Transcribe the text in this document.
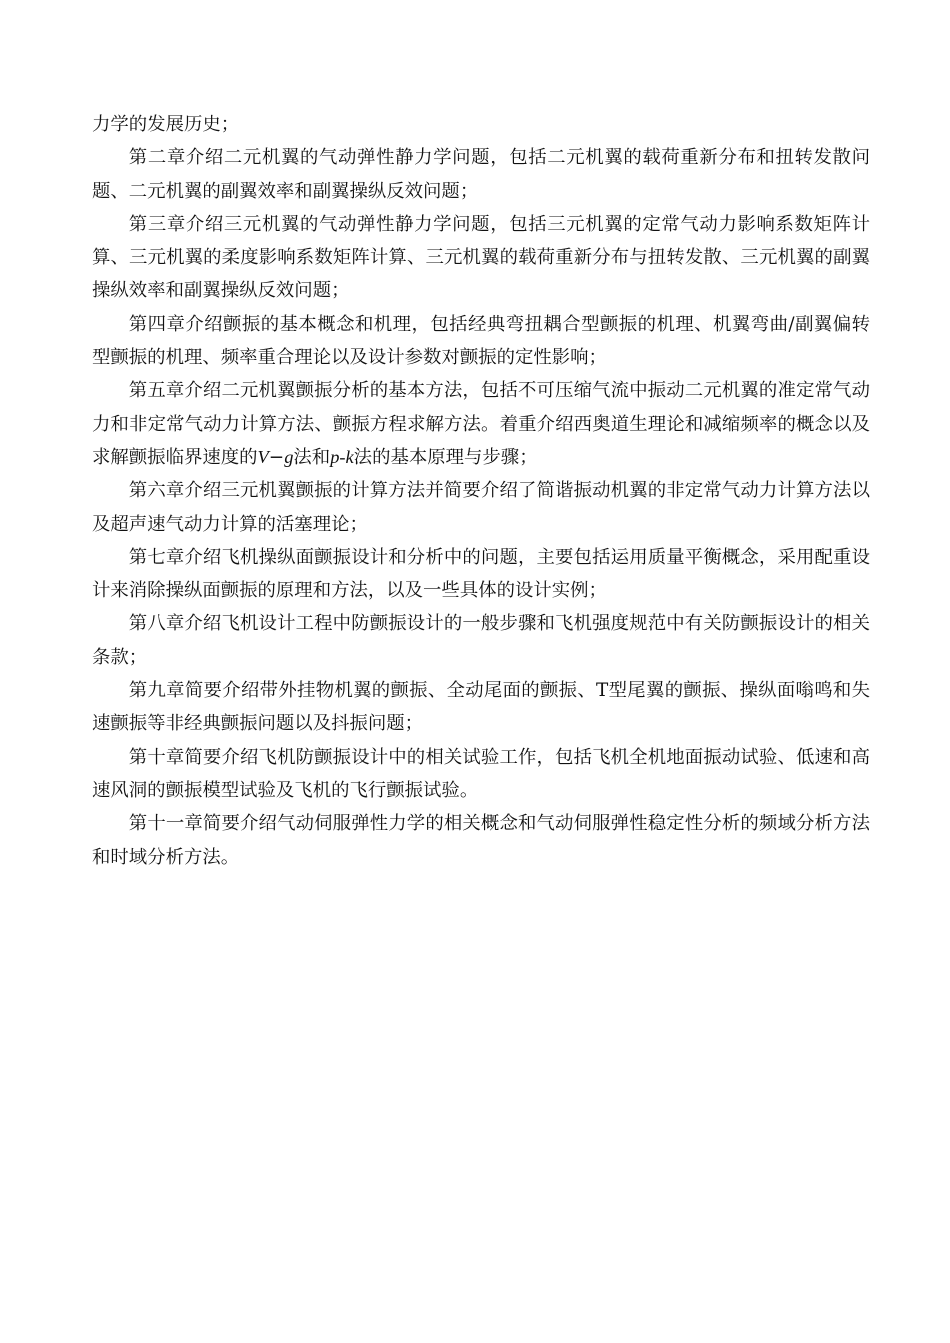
力学的发展历史；

第二章介绍二元机翼的气动弹性静力学问题，包括二元机翼的载荷重新分布和扭转发散问题、二元机翼的副翼效率和副翼操纵反效问题；

第三章介绍三元机翼的气动弹性静力学问题，包括三元机翼的定常气动力影响系数矩阵计算、三元机翼的柔度影响系数矩阵计算、三元机翼的载荷重新分布与扭转发散、三元机翼的副翼操纵效率和副翼操纵反效问题；

第四章介绍颤振的基本概念和机理，包括经典弯扭耦合型颤振的机理、机翼弯曲/副翼偏转型颤振的机理、频率重合理论以及设计参数对颤振的定性影响；

第五章介绍二元机翼颤振分析的基本方法，包括不可压缩气流中振动二元机翼的准定常气动力和非定常气动力计算方法、颤振方程求解方法。着重介绍西奥道生理论和减缩频率的概念以及求解颤振临界速度的V−g法和p-k法的基本原理与步骤；

第六章介绍三元机翼颤振的计算方法并简要介绍了简谐振动机翼的非定常气动力计算方法以及超声速气动力计算的活塞理论；

第七章介绍飞机操纵面颤振设计和分析中的问题，主要包括运用质量平衡概念，采用配重设计来消除操纵面颤振的原理和方法，以及一些具体的设计实例；

第八章介绍飞机设计工程中防颤振设计的一般步骤和飞机强度规范中有关防颤振设计的相关条款；

第九章简要介绍带外挂物机翼的颤振、全动尾面的颤振、T型尾翼的颤振、操纵面嗡鸣和失速颤振等非经典颤振问题以及抖振问题；

第十章简要介绍飞机防颤振设计中的相关试验工作，包括飞机全机地面振动试验、低速和高速风洞的颤振模型试验及飞机的飞行颤振试验。

第十一章简要介绍气动伺服弹性力学的相关概念和气动伺服弹性稳定性分析的频域分析方法和时域分析方法。
